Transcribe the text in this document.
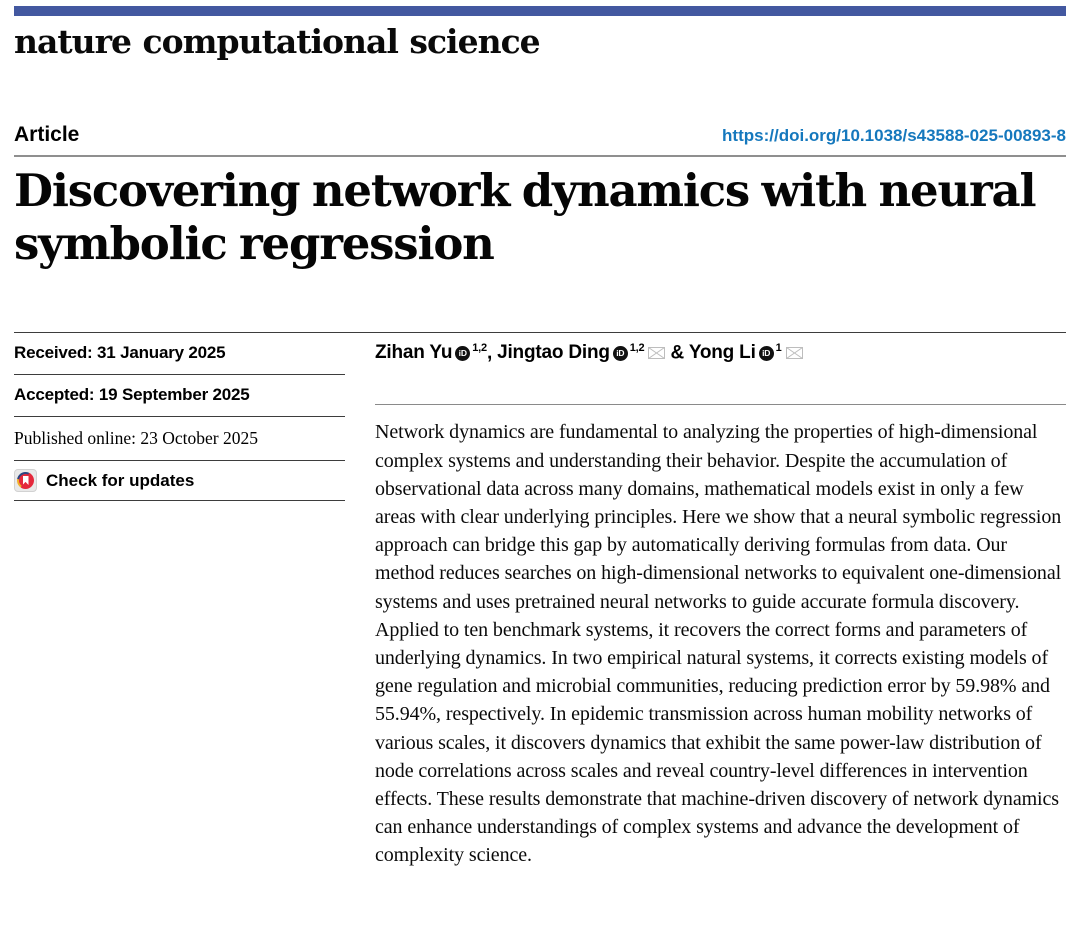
nature computational science
Article	https://doi.org/10.1038/s43588-025-00893-8
Discovering network dynamics with neural symbolic regression
Received: 31 January 2025
Accepted: 19 September 2025
Published online: 23 October 2025
Check for updates
Zihan Yu iD $^{1,2}$, Jingtao Ding iD $^{1,2}$ & Yong Li iD $^1$

Network dynamics are fundamental to analyzing the properties of high-dimensional complex systems and understanding their behavior. Despite the accumulation of observational data across many domains, mathematical models exist in only a few areas with clear underlying principles. Here we show that a neural symbolic regression approach can bridge this gap by automatically deriving formulas from data. Our method reduces searches on high-dimensional networks to equivalent one-dimensional systems and uses pretrained neural networks to guide accurate formula discovery. Applied to ten benchmark systems, it recovers the correct forms and parameters of underlying dynamics. In two empirical natural systems, it corrects existing models of gene regulation and microbial communities, reducing prediction error by 59.98% and 55.94%, respectively. In epidemic transmission across human mobility networks of various scales, it discovers dynamics that exhibit the same power-law distribution of node correlations across scales and reveal country-level differences in intervention effects. These results demonstrate that machine-driven discovery of network dynamics can enhance understandings of complex systems and advance the development of complexity science.
